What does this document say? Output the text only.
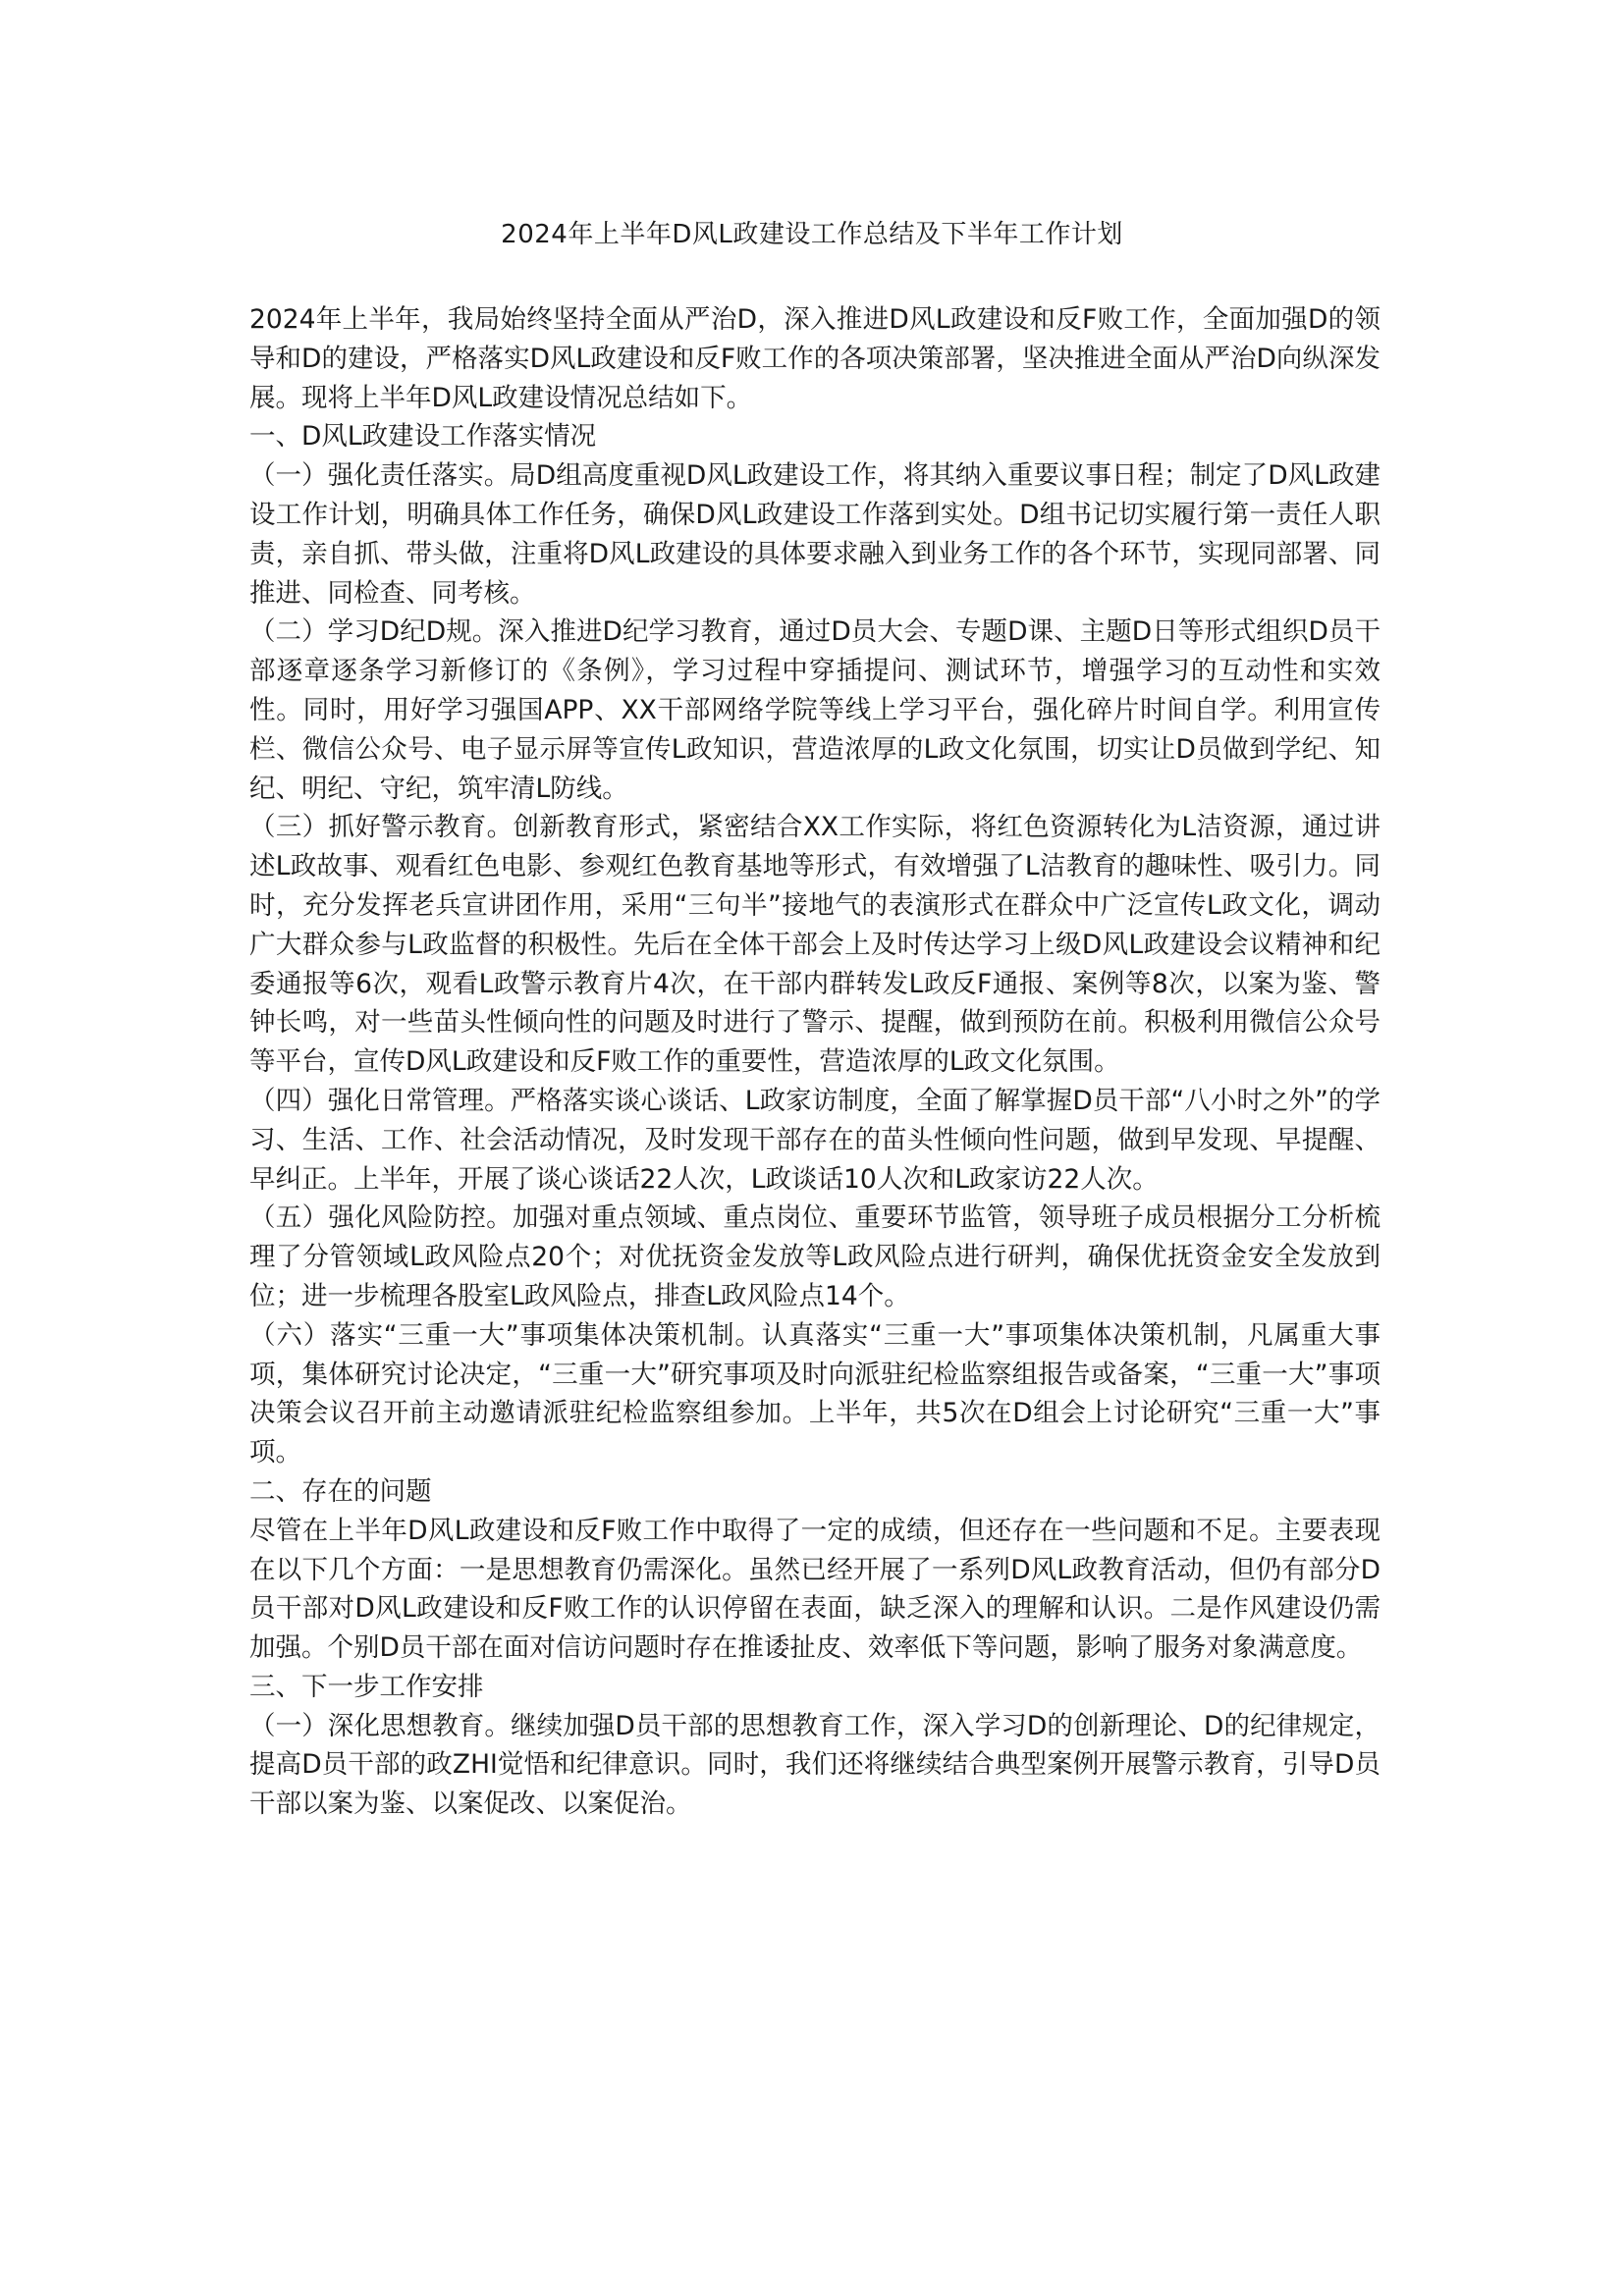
2024年上半年D风L政建设工作总结及下半年工作计划

2024年上半年，我局始终坚持全面从严治D，深入推进D风L政建设和反F败工作，全面加强D的领导和D的建设，严格落实D风L政建设和反F败工作的各项决策部署，坚决推进全面从严治D向纵深发展。现将上半年D风L政建设情况总结如下。

一、D风L政建设工作落实情况

（一）强化责任落实。局D组高度重视D风L政建设工作，将其纳入重要议事日程；制定了D风L政建设工作计划，明确具体工作任务，确保D风L政建设工作落到实处。D组书记切实履行第一责任人职责，亲自抓、带头做，注重将D风L政建设的具体要求融入到业务工作的各个环节，实现同部署、同推进、同检查、同考核。

（二）学习D纪D规。深入推进D纪学习教育，通过D员大会、专题D课、主题D日等形式组织D员干部逐章逐条学习新修订的《条例》，学习过程中穿插提问、测试环节，增强学习的互动性和实效性。同时，用好学习强国APP、XX干部网络学院等线上学习平台，强化碎片时间自学。利用宣传栏、微信公众号、电子显示屏等宣传L政知识，营造浓厚的L政文化氛围，切实让D员做到学纪、知纪、明纪、守纪，筑牢清L防线。

（三）抓好警示教育。创新教育形式，紧密结合XX工作实际，将红色资源转化为L洁资源，通过讲述L政故事、观看红色电影、参观红色教育基地等形式，有效增强了L洁教育的趣味性、吸引力。同时，充分发挥老兵宣讲团作用，采用“三句半”接地气的表演形式在群众中广泛宣传L政文化，调动广大群众参与L政监督的积极性。先后在全体干部会上及时传达学习上级D风L政建设会议精神和纪委通报等6次，观看L政警示教育片4次，在干部内群转发L政反F通报、案例等8次，以案为鉴、警钟长鸣，对一些苗头性倾向性的问题及时进行了警示、提醒，做到预防在前。积极利用微信公众号等平台，宣传D风L政建设和反F败工作的重要性，营造浓厚的L政文化氛围。

（四）强化日常管理。严格落实谈心谈话、L政家访制度，全面了解掌握D员干部“八小时之外”的学习、生活、工作、社会活动情况，及时发现干部存在的苗头性倾向性问题，做到早发现、早提醒、早纠正。上半年，开展了谈心谈话22人次，L政谈话10人次和L政家访22人次。

（五）强化风险防控。加强对重点领域、重点岗位、重要环节监管，领导班子成员根据分工分析梳理了分管领域L政风险点20个；对优抚资金发放等L政风险点进行研判，确保优抚资金安全发放到位；进一步梳理各股室L政风险点，排查L政风险点14个。

（六）落实“三重一大”事项集体决策机制。认真落实“三重一大”事项集体决策机制，凡属重大事项，集体研究讨论决定，“三重一大”研究事项及时向派驻纪检监察组报告或备案，“三重一大”事项决策会议召开前主动邀请派驻纪检监察组参加。上半年，共5次在D组会上讨论研究“三重一大”事项。

二、存在的问题

尽管在上半年D风L政建设和反F败工作中取得了一定的成绩，但还存在一些问题和不足。主要表现在以下几个方面：一是思想教育仍需深化。虽然已经开展了一系列D风L政教育活动，但仍有部分D员干部对D风L政建设和反F败工作的认识停留在表面，缺乏深入的理解和认识。二是作风建设仍需加强。个别D员干部在面对信访问题时存在推诿扯皮、效率低下等问题，影响了服务对象满意度。

三、下一步工作安排

（一）深化思想教育。继续加强D员干部的思想教育工作，深入学习D的创新理论、D的纪律规定，提高D员干部的政ZHI觉悟和纪律意识。同时，我们还将继续结合典型案例开展警示教育，引导D员干部以案为鉴、以案促改、以案促治。
